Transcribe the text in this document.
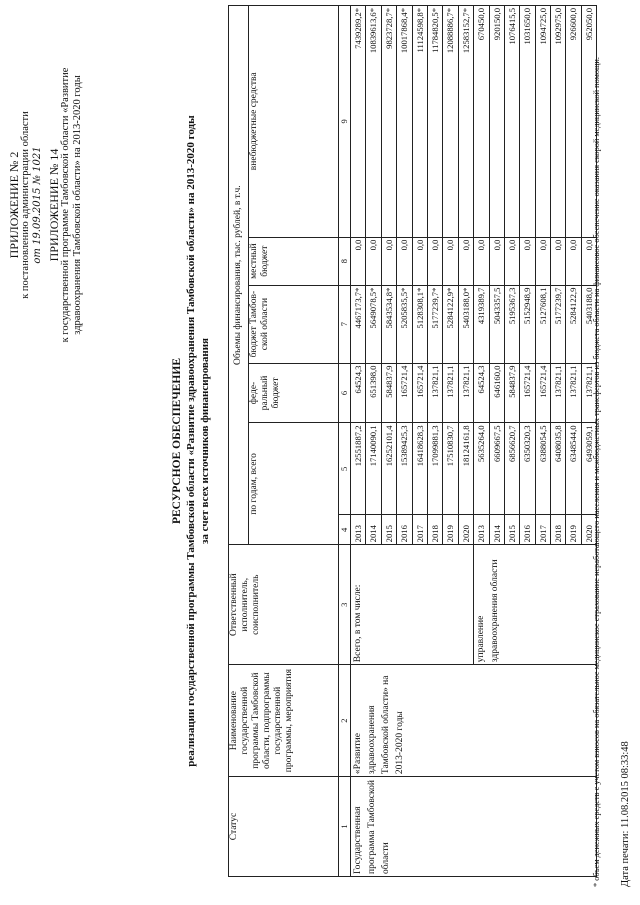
ПРИЛОЖЕНИЕ № 2 к постановлению администрации области от 19.09.2015 № 1021 ПРИЛОЖЕНИЕ № 14 к государственной программе Тамбовской области «Развитие здравоохранения Тамбовской области» на 2013-2020 годы
РЕСУРСНОЕ ОБЕСПЕЧЕНИЕ реализации государственной программы Тамбовской области «Развитие здравоохранения Тамбовской области» на 2013-2020 годы за счет всех источников финансирования
Статус	Наименование государственной программы Тамбовской области, подпрограммы государственной программы, мероприятия	Ответственный исполнитель, соисполнитель	Объемы финансирования, тыс. рублей, в т.ч.					
			по годам, всего		феде-ральный бюджет	бюджет Тамбов-ской области	местный бюджет	внебюджетные средства
1	2	3	4	5	6	7	8	9
Государственная программа Тамбовской области	«Развитие здравоохранения Тамбовской области» на 2013-2020 годы	Всего, в том числе:	2013	12551887,2	64524,3	4467173,7*	0,0	7439289,2*
			2014	17140090,1	651398,0	5649078,5*	0,0	10839613,6*
			2015	16252101,4	584837,9	5843534,8*	0,0	9823728,7*
			2016	15389425,3	165721,4	5205835,5*	0,0	10017868,4*
			2017	16418628,3	165721,4	5128308,1*	0,0	11124598,8*
			2018	17099881,3	137821,1	5177239,7*	0,0	11784820,5*
			2019	17510830,7	137821,1	5284122,9*	0,0	12088886,7*
			2020	18124161,8	137821,1	5403188,0*	0,0	12583152,7*
		управление здравоохранения области	2013	5635264,0	64524,3	4319389,7	0,0	670450,0
			2014	6609667,5	646160,0	5043357,5	0,0	920150,0
			2015	6856620,7	584837,9	5195367,3	0,0	1076415,5
			2016	6350320,3	165721,4	5152948,9	0,0	1031650,0
			2017	6388054,5	165721,4	5127608,1	0,0	1094725,0
			2018	6408035,8	137821,1	5177239,7	0,0	1092975,0
			2019	6348544,0	137821,1	5284122,9	0,0	926600,0
			2020	6493059,1	137821,1	5403188,0	0,0	952050,0
* объем денежных средств с учетом взносов на обязательное медицинское страхование неработающего населения и межбюджетных трансфертов из бюджета области на финансовое обеспечение оказания скорой медицинской помощи. Дата печати: 11.08.2015 08:33:48
